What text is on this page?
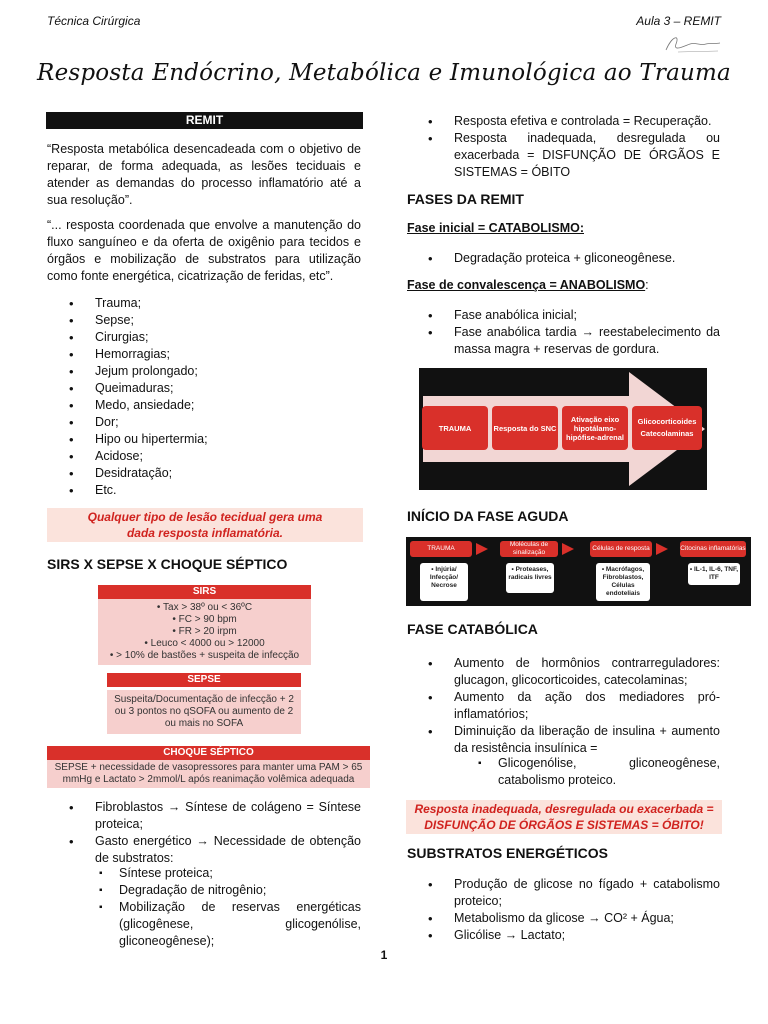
Técnica Cirúrgica	Aula 3 – REMIT
Resposta Endócrino, Metabólica e Imunológica ao Trauma
REMIT

“Resposta metabólica desencadeada com o objetivo de reparar, de forma adequada, as lesões teciduais e atender as demandas do processo inflamatório até a sua resolução”.

“... resposta coordenada que envolve a manutenção do fluxo sanguíneo e da oferta de oxigênio para tecidos e órgãos e mobilização de substratos para utilização como fonte energética, cicatrização de feridas, etc”.

• Trauma;
• Sepse;
• Cirurgias;
• Hemorragias;
• Jejum prolongado;
• Queimaduras;
• Medo, ansiedade;
• Dor;
• Hipo ou hipertermia;
• Acidose;
• Desidratação;
• Etc.
Qualquer tipo de lesão tecidual gera uma dada resposta inflamatória.
SIRS X SEPSE X CHOQUE SÉPTICO
SIRS
• Tax > 38º ou < 36ºC
• FC > 90 bpm
• FR > 20 irpm
• Leuco < 4000 ou > 12000
• > 10% de bastões + suspeita de infecção
SEPSE
Suspeita/Documentação de infecção + 2 ou 3 pontos no qSOFA ou aumento de 2 ou mais no SOFA
CHOQUE SÉPTICO
SEPSE + necessidade de vasopressores para manter uma PAM > 65 mmHg e Lactato > 2mmol/L após reanimação volêmica adequada
• Fibroblastos → Síntese de colágeno = Síntese proteica;
• Gasto energético → Necessidade de obtenção de substratos:
▪ Síntese proteica;
▪ Degradação de nitrogênio;
▪ Mobilização de reservas energéticas (glicogênese, glicogenólise, gliconeogênese);
• Resposta efetiva e controlada = Recuperação.
• Resposta inadequada, desregulada ou exacerbada = DISFUNÇÃO DE ÓRGÃOS E SISTEMAS = ÓBITO
FASES DA REMIT
Fase inicial = CATABOLISMO:
• Degradação proteica + gliconeogênese.
Fase de convalescença = ANABOLISMO:
• Fase anabólica inicial;
• Fase anabólica tardia → reestabelecimento da massa magra + reservas de gordura.
TRAUMA	Resposta do SNC
Ativação eixo hipotálamo-hipófise-adrenal
Glicocorticoides Catecolaminas
INÍCIO DA FASE AGUDA
TRAUMA
Moléculas de sinalização
Células de resposta	Citocinas inflamatórias
• Injúria/ Infecção/ Necrose
• Proteases, radicais livres
• Macrófagos, Fibroblastos, Células endoteliais
• IL-1, IL-6, TNF, ITF
FASE CATABÓLICA
• Aumento de hormônios contrarreguladores: glucagon, glicocorticoides, catecolaminas;
• Aumento da ação dos mediadores pró-inflamatórios;
• Diminuição da liberação de insulina + aumento da resistência insulínica =
▪ Glicogenólise, gliconeogênese, catabolismo proteico.
Resposta inadequada, desregulada ou exacerbada = DISFUNÇÃO DE ÓRGÃOS E SISTEMAS = ÓBITO!
SUBSTRATOS ENERGÉTICOS
• Produção de glicose no fígado + catabolismo proteico;
• Metabolismo da glicose → CO² + Água;
• Glicólise → Lactato;
1
